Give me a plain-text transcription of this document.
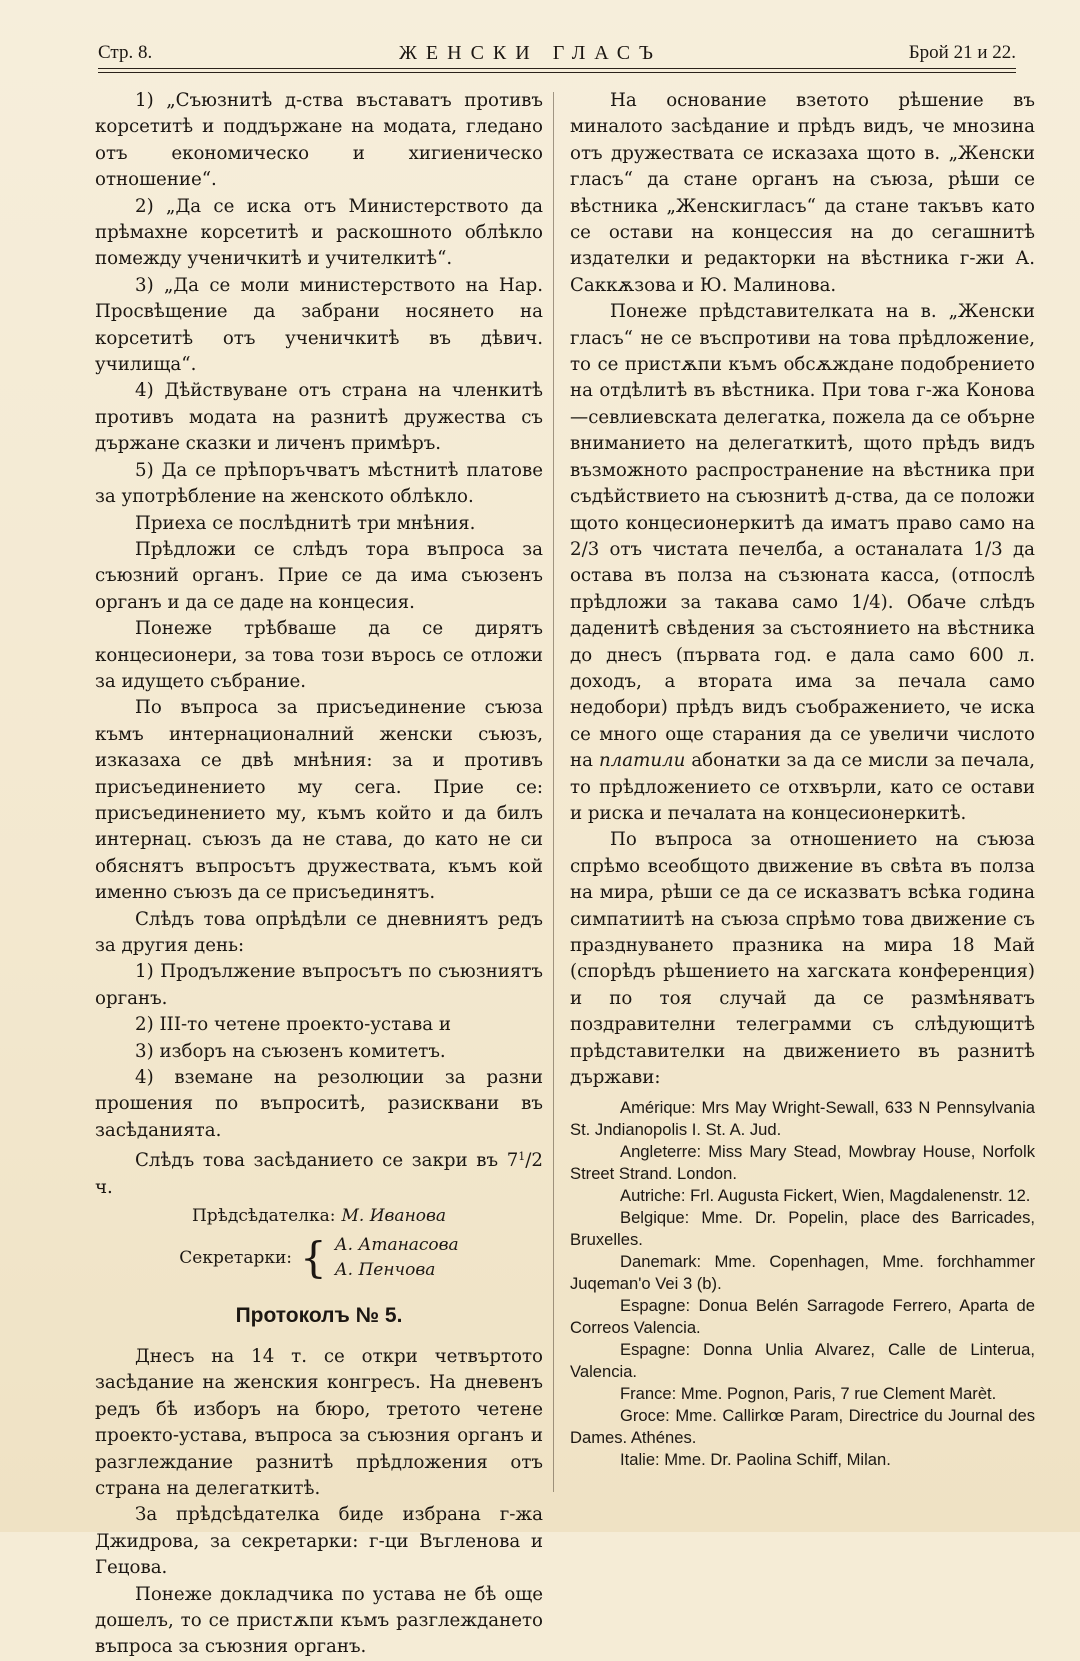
Стр. 8.	ЖЕНСКИ ГЛАСЪ	Брой 21 и 22.

1) „Съюзнитѣ д-ства въставатъ противъ корсетитѣ и поддържане на модата, гледано отъ економическо и хигиеническо отношение“.

2) „Да се иска отъ Министерството да прѣмахне корсетитѣ и раскошното облѣкло помежду ученичкитѣ и учителкитѣ“.

3) „Да се моли министерството на Нар. Просвѣщение да забрани носянето на корсетитѣ отъ ученичкитѣ въ дѣвич. училища“.

4) Дѣйствуване отъ страна на членкитѣ противъ модата на разнитѣ дружества съ държане сказки и личенъ примѣръ.

5) Да се прѣпоръчватъ мѣстнитѣ платове за употрѣбление на женското облѣкло.

Приеха се послѣднитѣ три мнѣния.

Прѣдложи се слѣдъ тора въпроса за съюзний органъ. Прие се да има съюзенъ органъ и да се даде на концесия.

Понеже трѣбваше да се дирятъ концесионери, за това този върось се отложи за идущето събрание.

По въпроса за присъединение съюза къмъ интернационалний женски съюзъ, изказаха се двѣ мнѣния: за и противъ присъединението му сега. Прие се: присъединението му, къмъ който и да билъ интернац. съюзъ да не става, до като не си обяснятъ въпросътъ дружествата, къмъ кой именно съюзъ да се присъединятъ.

Слѣдъ това опрѣдѣли се дневниятъ редъ за другия день:

1) Продължение въпросътъ по съюзниятъ органъ.

2) III-то четене проекто-устава и

3) изборъ на съюзенъ комитетъ.

4) вземане на резолюции за разни прошения по въпроситѣ, разисквани въ засѣданията.

Слѣдъ това засѣданието се закри въ $7^1/2$ ч.

Прѣдсѣдателка: М. Иванова
Секретарки: { А. Атанасова
А. Пенчова
Протоколъ № 5.

Днесъ на 14 т. се откри четвъртото засѣдание на женския конгресъ. На дневенъ редъ бѣ изборъ на бюро, третото четене проекто-устава, въпроса за съюзния органъ и разглеждание разнитѣ прѣдложения отъ страна на делегаткитѣ.

За прѣдсѣдателка биде избрана г-жа Джидрова, за секретарки: г-ци Въгленова и Гецова.

Понеже докладчика по устава не бѣ още дошелъ, то се пристѫпи къмъ разглеждането въпроса за съюзния органъ.

На основание взетото рѣшение въ миналото засѣдание и прѣдъ видъ, че мнозина отъ дружествата се исказаха щото в. „Женски гласъ“ да стане органъ на съюза, рѣши се вѣстника „Женскигласъ“ да стане такъвъ като се остави на концессия на до сегашнитѣ издателки и редакторки на вѣстника г-жи А. Саккѫзова и Ю. Малинова.

Понеже прѣдставителката на в. „Женски гласъ“ не се въспротиви на това прѣдложение, то се пристѫпи къмъ обсѫждане подобрението на отдѣлитѣ въ вѣстника. При това г-жа Конова—севлиевската делегатка, пожела да се обърне вниманието на делегаткитѣ, щото прѣдъ видъ възможното распространение на вѣстника при съдѣйствието на съюзнитѣ д-ства, да се положи щото концесионеркитѣ да иматъ право само на 2/3 отъ чистата печелба, а останалата 1/3 да остава въ полза на съзюната касса, (отпослѣ прѣдложи за такава само 1/4). Обаче слѣдъ даденитѣ свѣдения за състоянието на вѣстника до днесъ (първата год. е дала само 600 л. доходъ, а втората има за печала само недобори) прѣдъ видъ съображението, че иска се много още старания да се увеличи числото на платили абонатки за да се мисли за печала, то прѣдложението се отхвърли, като се остави и риска и печалата на концесионеркитѣ.

По въпроса за отношението на съюза спрѣмо всеобщото движение въ свѣта въ полза на мира, рѣши се да се исказватъ всѣка година симпатиитѣ на съюза спрѣмо това движение съ празднуването празника на мира 18 Май (спорѣдъ рѣшението на хагската конференция) и по тоя случай да се размѣняватъ поздравителни телеграмми съ слѣдующитѣ прѣдставителки на движението въ разнитѣ държави:

Amérique: Mrs May Wright-Sewall, 633 N Pennsylvania St. Jndianopolis I. St. A. Jud.

Angleterre: Miss Mary Stead, Mowbray House, Norfolk Street Strand. London.

Autriche: Frl. Augusta Fickert, Wien, Magdalenenstr. 12.

Belgique: Mme. Dr. Popelin, place des Barricades, Bruxelles.

Danemark: Mme. Copenhagen, Mme. forchhammer Juqeman'o Vei 3 (b).

Espagne: Donua Belén Sarragode Ferrero, Aparta de Correos Valencia.

Espagne: Donna Unlia Alvarez, Calle de Linterua, Valencia.

France: Mme. Pognon, Paris, 7 rue Clement Marèt.

Groce: Mme. Callirkœ Param, Directrice du Journal des Dames. Athénes.

Italie: Mme. Dr. Paolina Schiff, Milan.
